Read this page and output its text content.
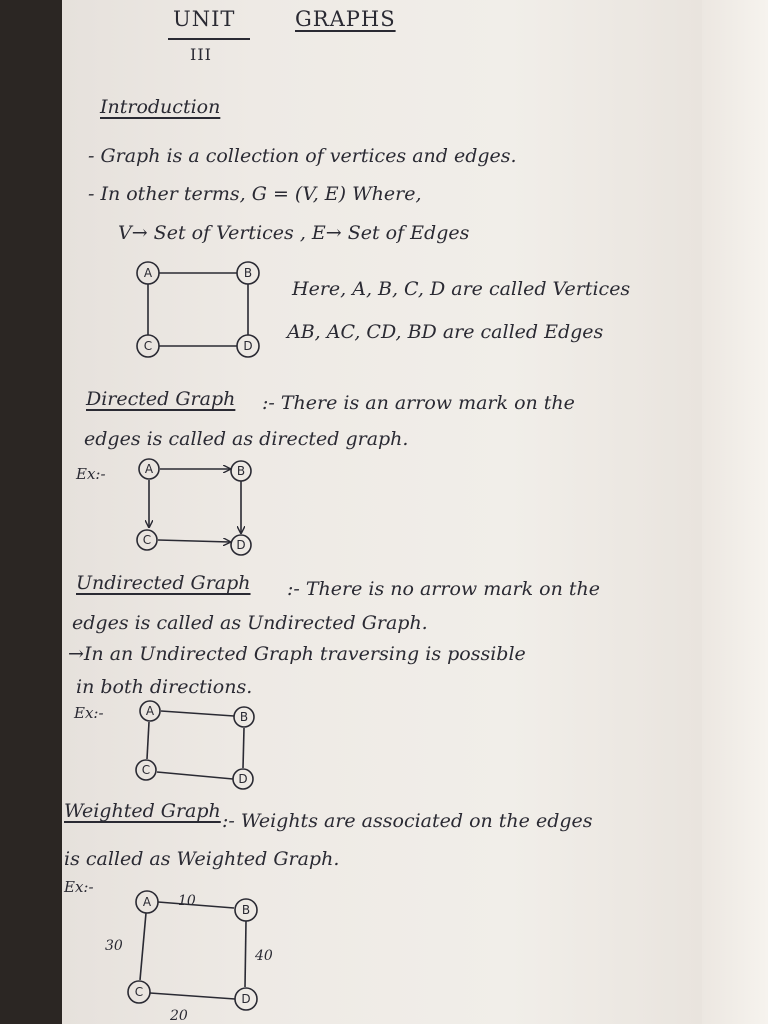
UNIT
III
GRAPHS
Introduction
- Graph is a collection of vertices and edges.
- In other terms, G = (V, E) Where,
V→ Set of Vertices , E→ Set of Edges
Here, A, B, C, D are called Vertices
AB, AC, CD, BD are called Edges
A	B
C	D
Directed Graph :- There is an arrow mark on the
edges is called as directed graph.
Ex:-	A	B
C	D
Undirected Graph :- There is no arrow mark on the
edges is called as Undirected Graph.
→In an Undirected Graph traversing is possible
in both directions.
Ex:-	A	B
C
D
Weighted Graph :- Weights are associated on the edges
is called as Weighted Graph.
Ex:-
10
30
40
20
A
B
C	D
